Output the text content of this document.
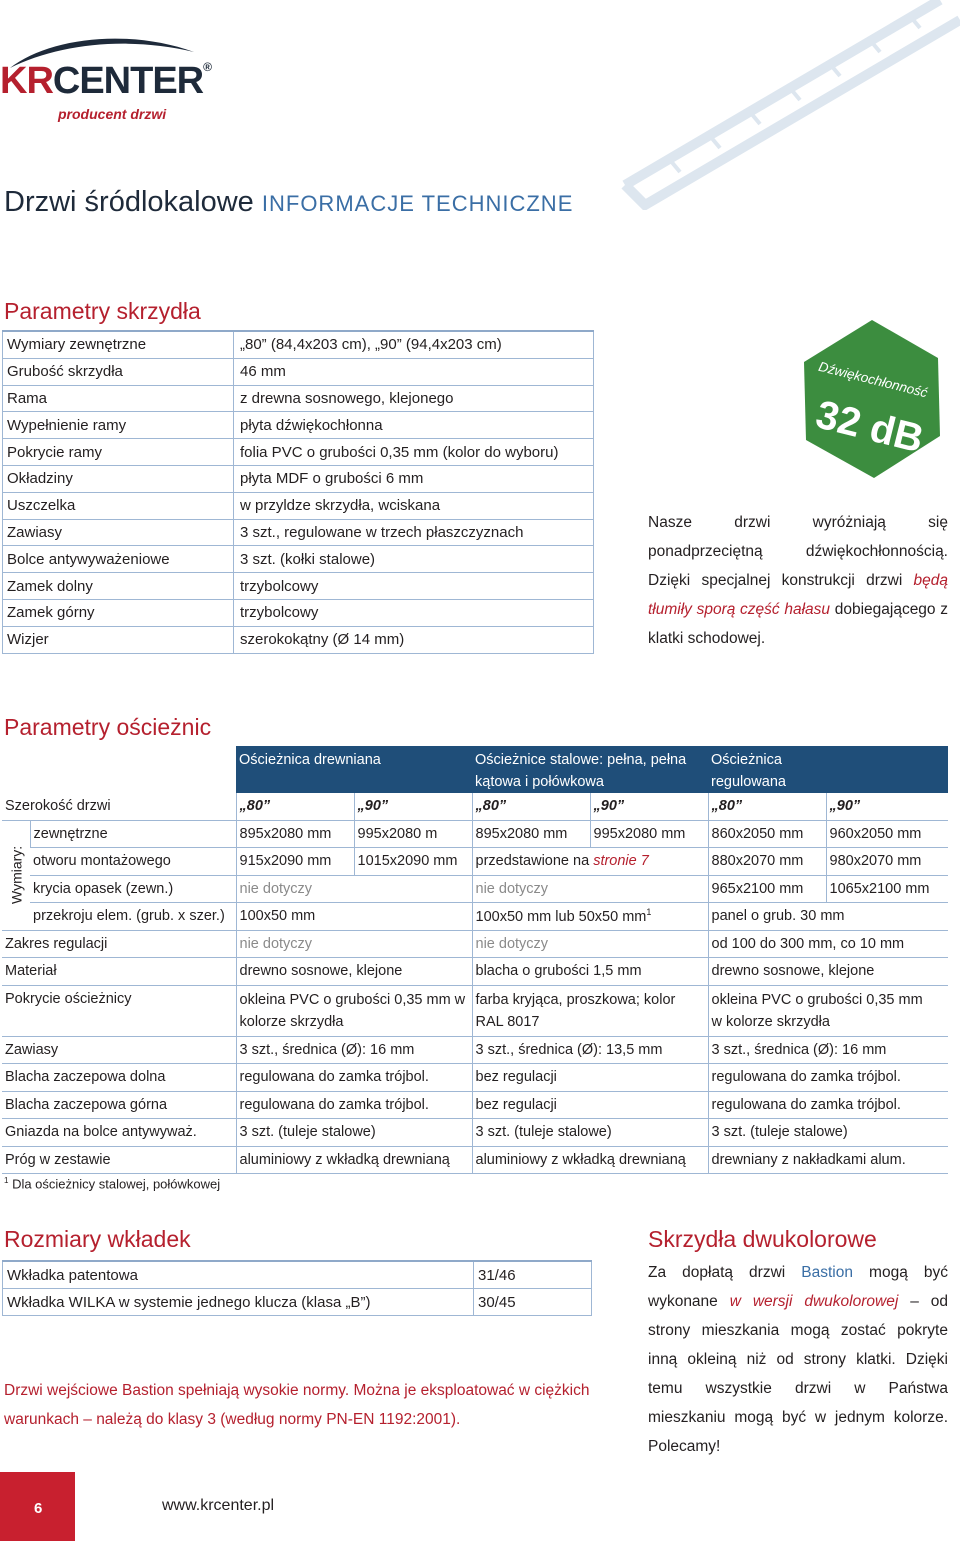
KRCENTER®
producent drzwi
Drzwi śródlokalowe INFORMACJE TECHNICZNE
Parametry skrzydła
Wymiary zewnętrzne	„80” (84,4x203 cm), „90” (94,4x203 cm)
Grubość skrzydła	46 mm
Rama	z drewna sosnowego, klejonego
Wypełnienie ramy	płyta dźwiękochłonna
Pokrycie ramy	folia PVC o grubości 0,35 mm (kolor do wyboru)
Okładziny	płyta MDF o grubości 6 mm
Uszczelka	w przyldze skrzydła, wciskana
Zawiasy	3 szt., regulowane w trzech płaszczyznach
Bolce antywyważeniowe	3 szt. (kołki stalowe)
Zamek dolny	trzybolcowy
Zamek górny	trzybolcowy
Wizjer	szerokokątny (Ø 14 mm)
Dźwiękochłonność
32 dB
Nasze drzwi wyróżniają się ponadprzeciętną dźwiękochłonnością. Dzięki specjalnej konstrukcji drzwi będą tłumiły sporą część hałasu dobiegającego z klatki schodowej.
Parametry ościeżnic
		Ościeżnica drewniana		Ościeżnice stalowe: pełna, pełna kątowa i połówkowa		Ościeżnica regulowana	
Szerokość drzwi		„80”	„90”	„80”	„90”	„80”	„90”
Wymiary:	zewnętrzne	895x2080 mm	995x2080 m	895x2080 mm	995x2080 mm	860x2050 mm	960x2050 mm
	otworu montażowego	915x2090 mm	1015x2090 mm	przedstawione na stronie 7		880x2070 mm	980x2070 mm
	krycia opasek (zewn.)	nie dotyczy		nie dotyczy		965x2100 mm	1065x2100 mm
	przekroju elem. (grub. x szer.)	100x50 mm		100x50 mm lub 50x50 $mm^1$		panel o grub. 30 mm	
Zakres regulacji		nie dotyczy		nie dotyczy		od 100 do 300 mm, co 10 mm	
Materiał		drewno sosnowe, klejone		blacha o grubości 1,5 mm		drewno sosnowe, klejone	
Pokrycie ościeżnicy		okleina PVC o grubości 0,35 mm w kolorze skrzydła		farba kryjąca, proszkowa; kolor RAL 8017		okleina PVC o grubości 0,35 mm w kolorze skrzydła	
Zawiasy		3 szt., średnica (Ø): 16 mm		3 szt., średnica (Ø): 13,5 mm		3 szt., średnica (Ø): 16 mm	
Blacha zaczepowa dolna		regulowana do zamka trójbol.		bez regulacji		regulowana do zamka trójbol.	
Blacha zaczepowa górna		regulowana do zamka trójbol.		bez regulacji		regulowana do zamka trójbol.	
Gniazda na bolce antywyważ.		3 szt. (tuleje stalowe)		3 szt. (tuleje stalowe)		3 szt. (tuleje stalowe)	
Próg w zestawie		aluminiowy z wkładką drewnianą		aluminiowy z wkładką drewnianą		drewniany z nakładkami alum.	
$^1$ Dla ościeżnicy stalowej, połówkowej
Rozmiary wkładek
Wkładka patentowa	31/46
Wkładka WILKA w systemie jednego klucza (klasa „B”)	30/45
Drzwi wejściowe Bastion spełniają wysokie normy. Można je eksploatować w ciężkich warunkach – należą do klasy 3 (według normy PN-EN 1192:2001).
Skrzydła dwukolorowe
Za dopłatą drzwi Bastion mogą być wykonane w wersji dwukolorowej – od strony mieszkania mogą zostać pokryte inną okleiną niż od strony klatki. Dzięki temu wszystkie drzwi w Państwa mieszkaniu mogą być w jednym kolorze. Polecamy!
6	www.krcenter.pl
